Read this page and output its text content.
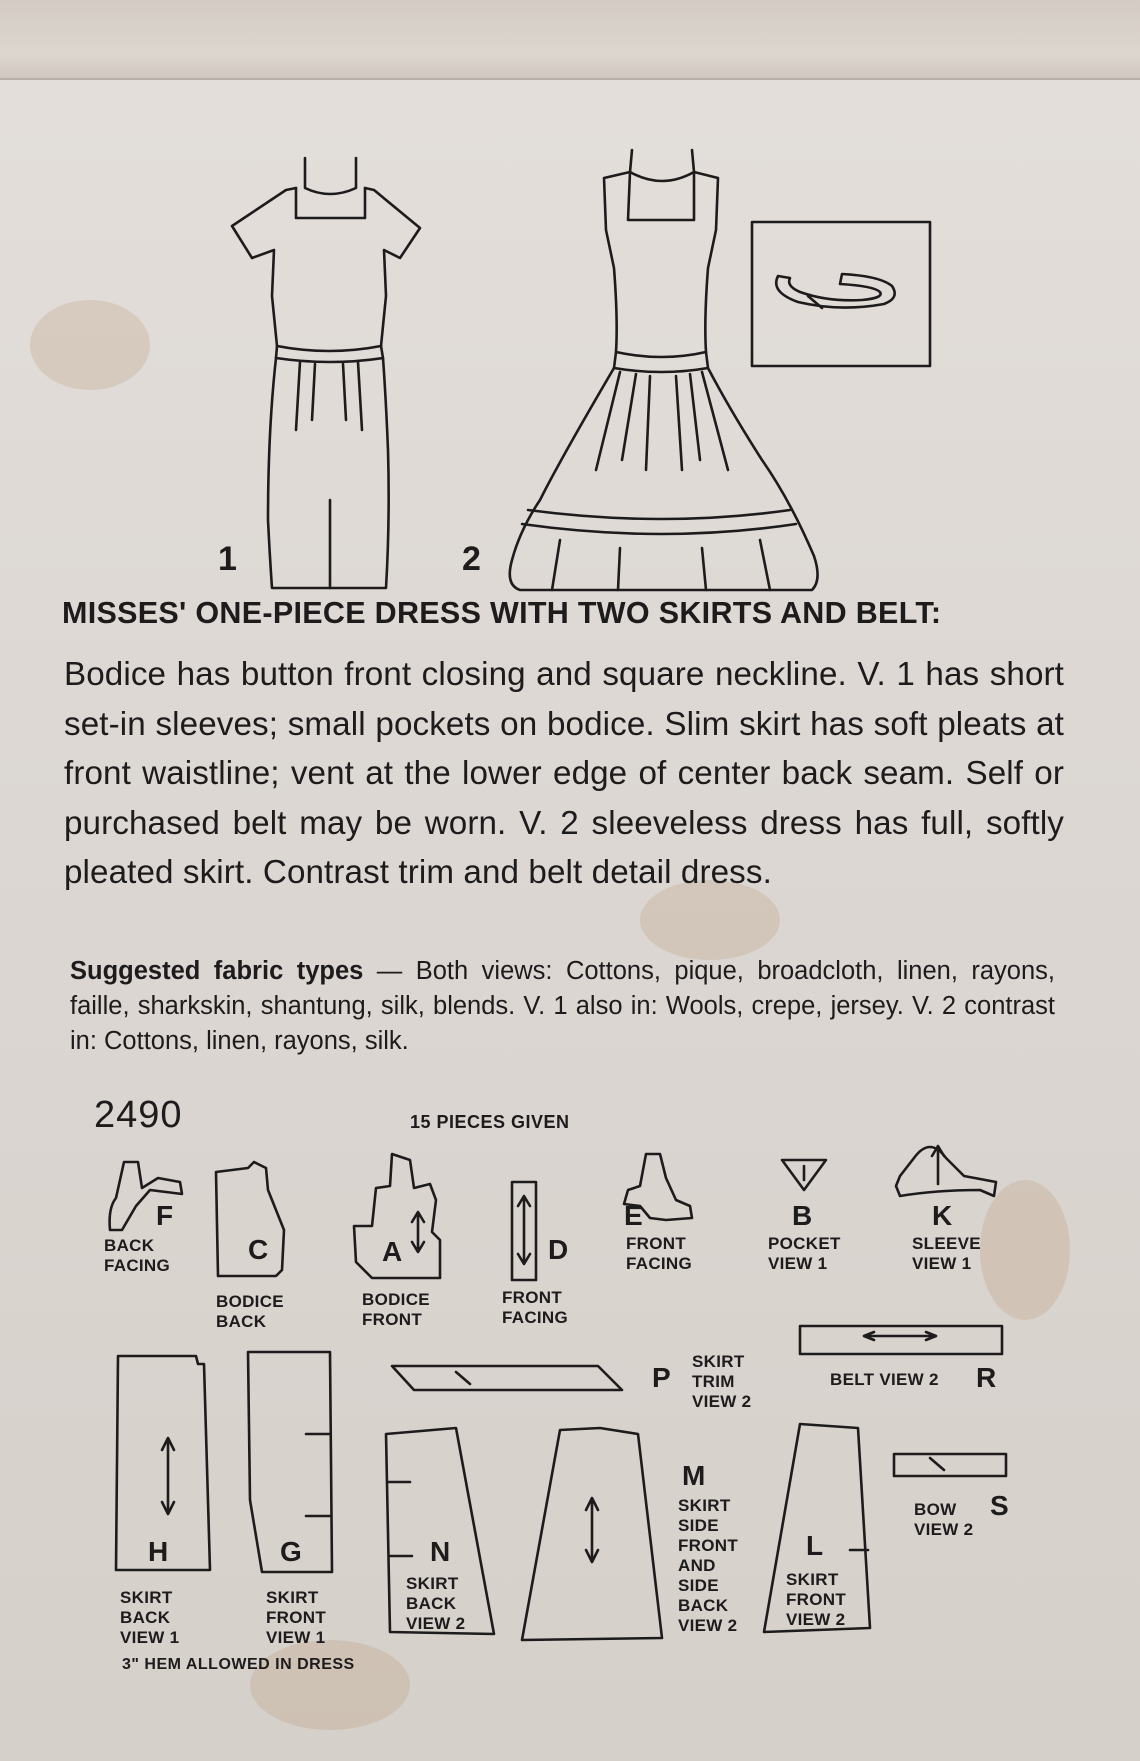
1	2
MISSES' ONE-PIECE DRESS WITH TWO SKIRTS AND BELT:
Bodice has button front closing and square neckline. V. 1 has short set-in sleeves; small pockets on bodice. Slim skirt has soft pleats at front waistline; vent at the lower edge of center back seam. Self or purchased belt may be worn. V. 2 sleeveless dress has full, softly pleated skirt. Contrast trim and belt detail dress.
Suggested fabric types — Both views: Cottons, pique, broadcloth, linen, rayons, faille, sharkskin, shantung, silk, blends. V. 1 also in: Wools, crepe, jersey. V. 2 contrast in: Cottons, linen, rayons, silk.
2490	15 PIECES GIVEN
F
BACK
FACING
C
BODICE
BACK
A
BODICE
FRONT
D
FRONT
FACING
E
FRONT
FACING
B
POCKET
VIEW 1
K
SLEEVE
VIEW 1
P
SKIRT
TRIM
VIEW 2
BELT VIEW 2 R
H
SKIRT
BACK
VIEW 1
G
SKIRT
FRONT
VIEW 1
N
SKIRT
BACK
VIEW 2
M
SKIRT
SIDE
FRONT
AND
SIDE
BACK
VIEW 2
L
SKIRT
FRONT
VIEW 2
BOW
VIEW 2
S
3" HEM ALLOWED IN DRESS
